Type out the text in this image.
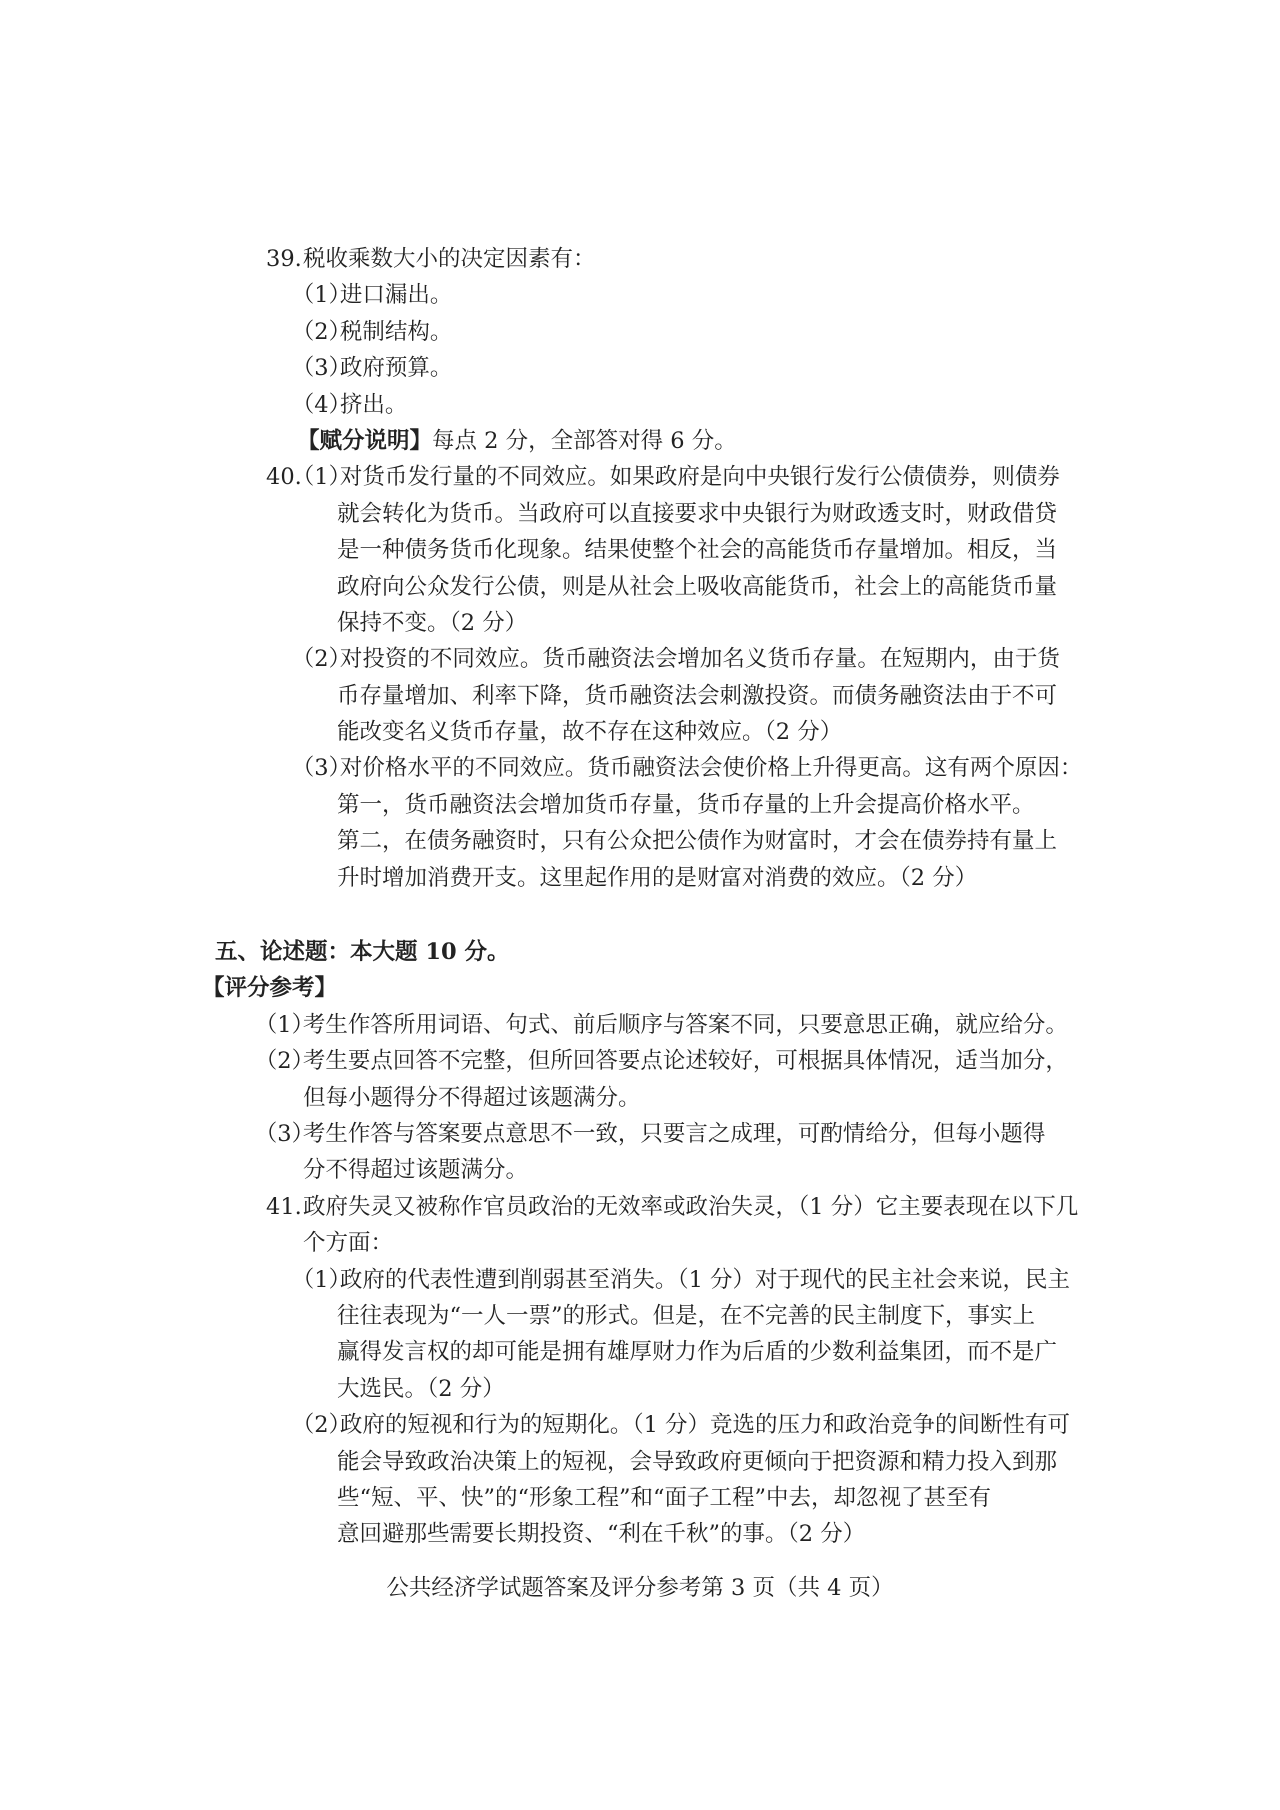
39.税收乘数大小的决定因素有：
（1）进口漏出。
（2）税制结构。
（3）政府预算。
（4）挤出。
【赋分说明】每点 2 分，全部答对得 6 分。
40.（1）对货币发行量的不同效应。如果政府是向中央银行发行公债债券，则债券
就会转化为货币。当政府可以直接要求中央银行为财政透支时，财政借贷
是一种债务货币化现象。结果使整个社会的高能货币存量增加。相反，当
政府向公众发行公债，则是从社会上吸收高能货币，社会上的高能货币量
保持不变。（2 分）
（2）对投资的不同效应。货币融资法会增加名义货币存量。在短期内，由于货
币存量增加、利率下降，货币融资法会刺激投资。而债务融资法由于不可
能改变名义货币存量，故不存在这种效应。（2 分）
（3）对价格水平的不同效应。货币融资法会使价格上升得更高。这有两个原因：
第一，货币融资法会增加货币存量，货币存量的上升会提高价格水平。
第二，在债务融资时，只有公众把公债作为财富时，才会在债券持有量上
升时增加消费开支。这里起作用的是财富对消费的效应。（2 分）
五、论述题：本大题 10 分。
【评分参考】
（1）考生作答所用词语、句式、前后顺序与答案不同，只要意思正确，就应给分。
（2）考生要点回答不完整，但所回答要点论述较好，可根据具体情况，适当加分，
但每小题得分不得超过该题满分。
（3）考生作答与答案要点意思不一致，只要言之成理，可酌情给分，但每小题得
分不得超过该题满分。
41.政府失灵又被称作官员政治的无效率或政治失灵，（1 分）它主要表现在以下几
个方面：
（1）政府的代表性遭到削弱甚至消失。（1 分）对于现代的民主社会来说，民主
往往表现为“一人一票”的形式。但是，在不完善的民主制度下，事实上
赢得发言权的却可能是拥有雄厚财力作为后盾的少数利益集团，而不是广
大选民。（2 分）
（2）政府的短视和行为的短期化。（1 分）竞选的压力和政治竞争的间断性有可
能会导致政治决策上的短视，会导致政府更倾向于把资源和精力投入到那
些“短、平、快”的“形象工程”和“面子工程”中去，却忽视了甚至有
意回避那些需要长期投资、“利在千秋”的事。（2 分）
公共经济学试题答案及评分参考第 3 页（共 4 页）
